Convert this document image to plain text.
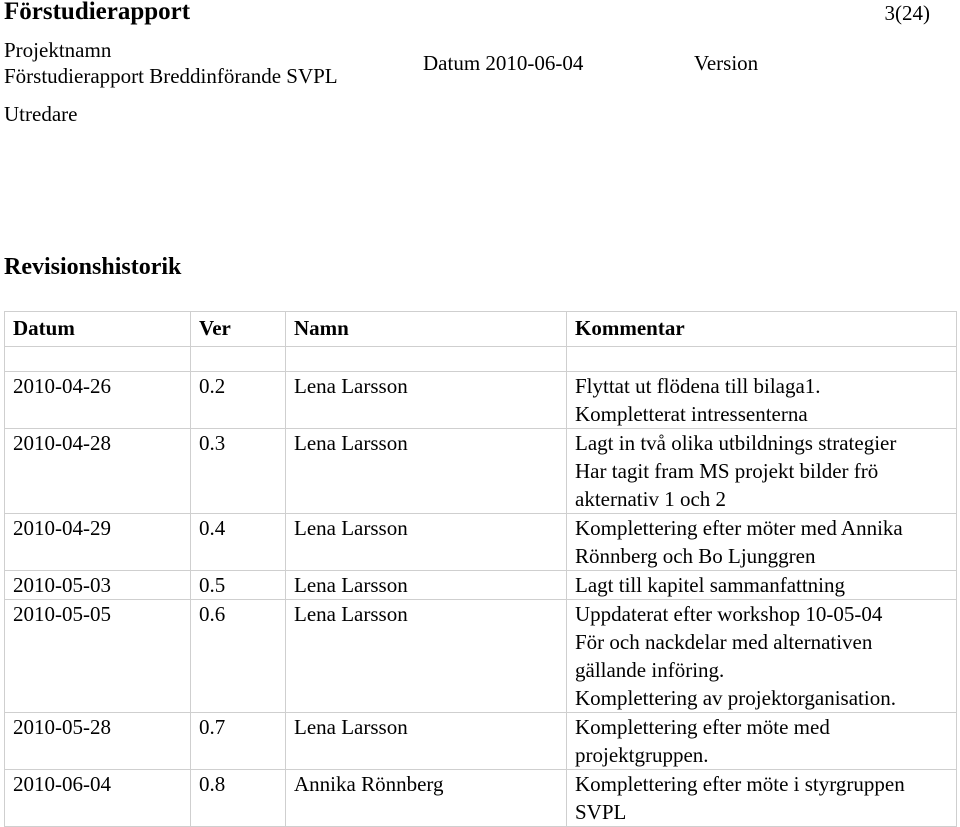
Förstudierapport	3(24)
Projektnamn
Förstudierapport Breddinförande SVPL
Datum 2010-06-04	Version
Utredare
Revisionshistorik
Datum	Ver	Namn	Kommentar

2010-04-26	0.2	Lena Larsson	Flyttat ut flödena till bilaga1.
Kompletterat intressenterna

2010-04-28	0.3	Lena Larsson	Lagt in två olika utbildnings strategier
Har tagit fram MS projekt bilder frö
akternativ 1 och 2

2010-04-29	0.4	Lena Larsson	Komplettering efter möter med Annika
Rönnberg och Bo Ljunggren

2010-05-03	0.5	Lena Larsson	Lagt till kapitel sammanfattning

2010-05-05	0.6	Lena Larsson	Uppdaterat efter workshop 10-05-04
För och nackdelar med alternativen
gällande införing.
Komplettering av projektorganisation.

2010-05-28	0.7	Lena Larsson	Komplettering efter möte med
projektgruppen.

2010-06-04	0.8	Annika Rönnberg	Komplettering efter möte i styrgruppen
SVPL
